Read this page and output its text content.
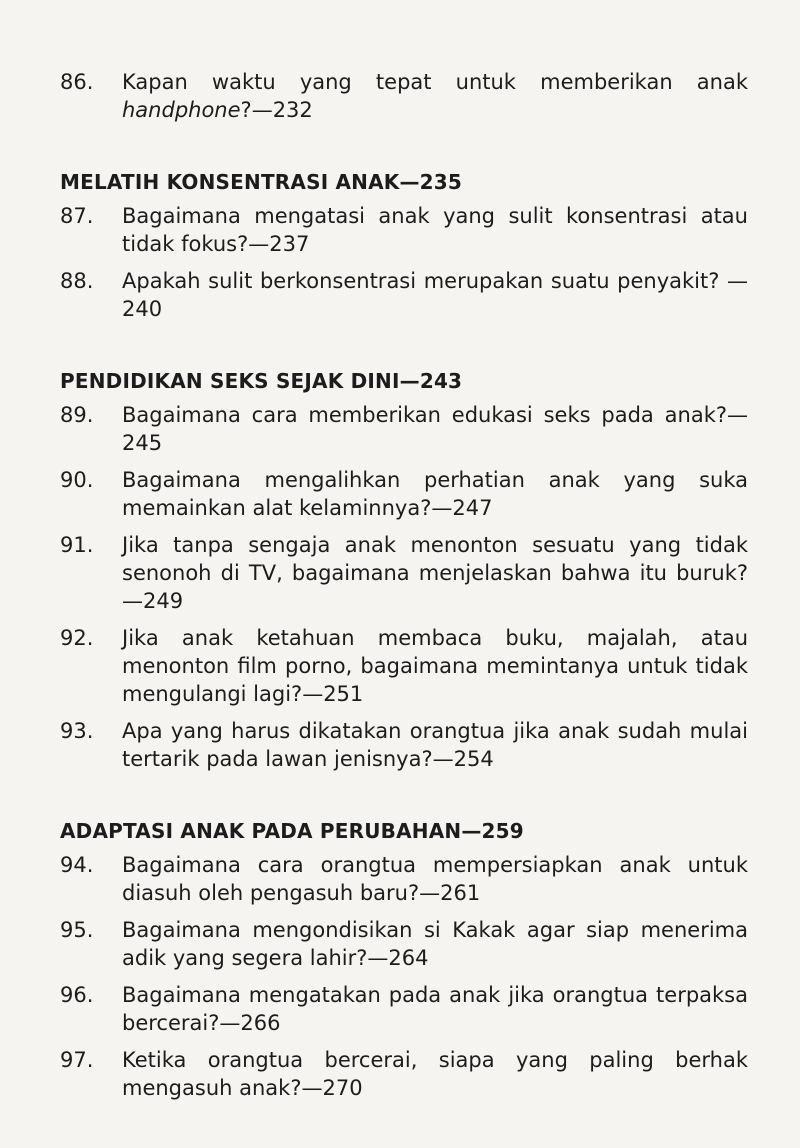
86.	Kapan waktu yang tepat untuk memberikan anak handphone?—232
MELATIH KONSENTRASI ANAK—235
87.	Bagaimana mengatasi anak yang sulit konsentrasi atau tidak fokus?—237
88.	Apakah sulit berkonsentrasi merupakan suatu penyakit? —240
PENDIDIKAN SEKS SEJAK DINI—243
89.	Bagaimana cara memberikan edukasi seks pada anak?—245
90.	Bagaimana mengalihkan perhatian anak yang suka memainkan alat kelaminnya?—247
91.	Jika tanpa sengaja anak menonton sesuatu yang tidak senonoh di TV, bagaimana menjelaskan bahwa itu buruk? —249
92.	Jika anak ketahuan membaca buku, majalah, atau menonton film porno, bagaimana memintanya untuk tidak mengulangi lagi?—251
93.	Apa yang harus dikatakan orangtua jika anak sudah mulai tertarik pada lawan jenisnya?—254
ADAPTASI ANAK PADA PERUBAHAN—259
94.	Bagaimana cara orangtua mempersiapkan anak untuk diasuh oleh pengasuh baru?—261
95.	Bagaimana mengondisikan si Kakak agar siap menerima adik yang segera lahir?—264
96.	Bagaimana mengatakan pada anak jika orangtua terpaksa bercerai?—266
97.	Ketika orangtua bercerai, siapa yang paling berhak mengasuh anak?—270
